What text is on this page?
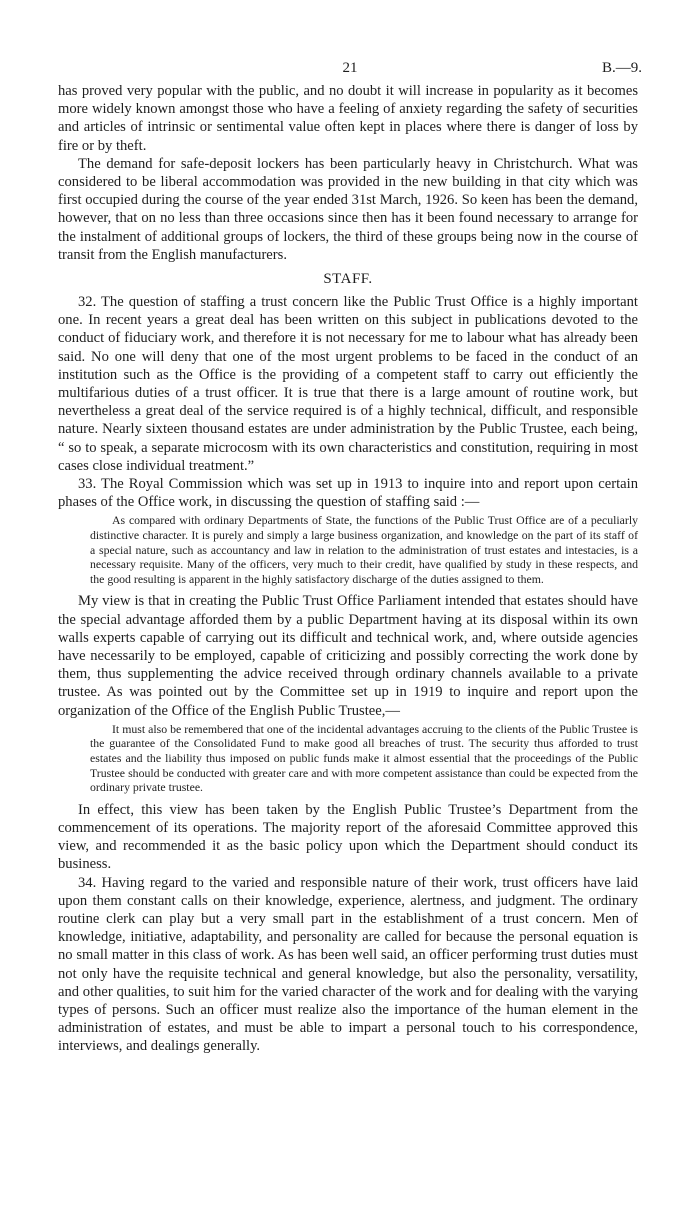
21	B.—9.

has proved very popular with the public, and no doubt it will increase in popularity as it becomes more widely known amongst those who have a feeling of anxiety regarding the safety of securities and articles of intrinsic or sentimental value often kept in places where there is danger of loss by fire or by theft.

The demand for safe-deposit lockers has been particularly heavy in Christchurch. What was considered to be liberal accommodation was provided in the new building in that city which was first occupied during the course of the year ended 31st March, 1926. So keen has been the demand, however, that on no less than three occasions since then has it been found necessary to arrange for the instalment of additional groups of lockers, the third of these groups being now in the course of transit from the English manufacturers.

STAFF.

32. The question of staffing a trust concern like the Public Trust Office is a highly important one. In recent years a great deal has been written on this subject in publications devoted to the conduct of fiduciary work, and therefore it is not necessary for me to labour what has already been said. No one will deny that one of the most urgent problems to be faced in the conduct of an institution such as the Office is the providing of a competent staff to carry out efficiently the multifarious duties of a trust officer. It is true that there is a large amount of routine work, but nevertheless a great deal of the service required is of a highly technical, difficult, and responsible nature. Nearly sixteen thousand estates are under administration by the Public Trustee, each being, “ so to speak, a separate microcosm with its own characteristics and constitution, requiring in most cases close individual treatment.”

33. The Royal Commission which was set up in 1913 to inquire into and report upon certain phases of the Office work, in discussing the question of staffing said :—

As compared with ordinary Departments of State, the functions of the Public Trust Office are of a peculiarly distinctive character. It is purely and simply a large business organization, and knowledge on the part of its staff of a special nature, such as accountancy and law in relation to the administration of trust estates and intestacies, is a necessary requisite. Many of the officers, very much to their credit, have qualified by study in these respects, and the good resulting is apparent in the highly satisfactory discharge of the duties assigned to them.

My view is that in creating the Public Trust Office Parliament intended that estates should have the special advantage afforded them by a public Department having at its disposal within its own walls experts capable of carrying out its difficult and technical work, and, where outside agencies have necessarily to be employed, capable of criticizing and possibly correcting the work done by them, thus supplementing the advice received through ordinary channels available to a private trustee. As was pointed out by the Committee set up in 1919 to inquire and report upon the organization of the Office of the English Public Trustee,—

It must also be remembered that one of the incidental advantages accruing to the clients of the Public Trustee is the guarantee of the Consolidated Fund to make good all breaches of trust. The security thus afforded to trust estates and the liability thus imposed on public funds make it almost essential that the proceedings of the Public Trustee should be conducted with greater care and with more competent assistance than could be expected from the ordinary private trustee.

In effect, this view has been taken by the English Public Trustee’s Department from the commencement of its operations. The majority report of the aforesaid Committee approved this view, and recommended it as the basic policy upon which the Department should conduct its business.

34. Having regard to the varied and responsible nature of their work, trust officers have laid upon them constant calls on their knowledge, experience, alertness, and judgment. The ordinary routine clerk can play but a very small part in the establishment of a trust concern. Men of knowledge, initiative, adaptability, and personality are called for because the personal equation is no small matter in this class of work. As has been well said, an officer performing trust duties must not only have the requisite technical and general knowledge, but also the personality, versatility, and other qualities, to suit him for the varied character of the work and for dealing with the varying types of persons. Such an officer must realize also the importance of the human element in the administration of estates, and must be able to impart a personal touch to his correspondence, interviews, and dealings generally.
